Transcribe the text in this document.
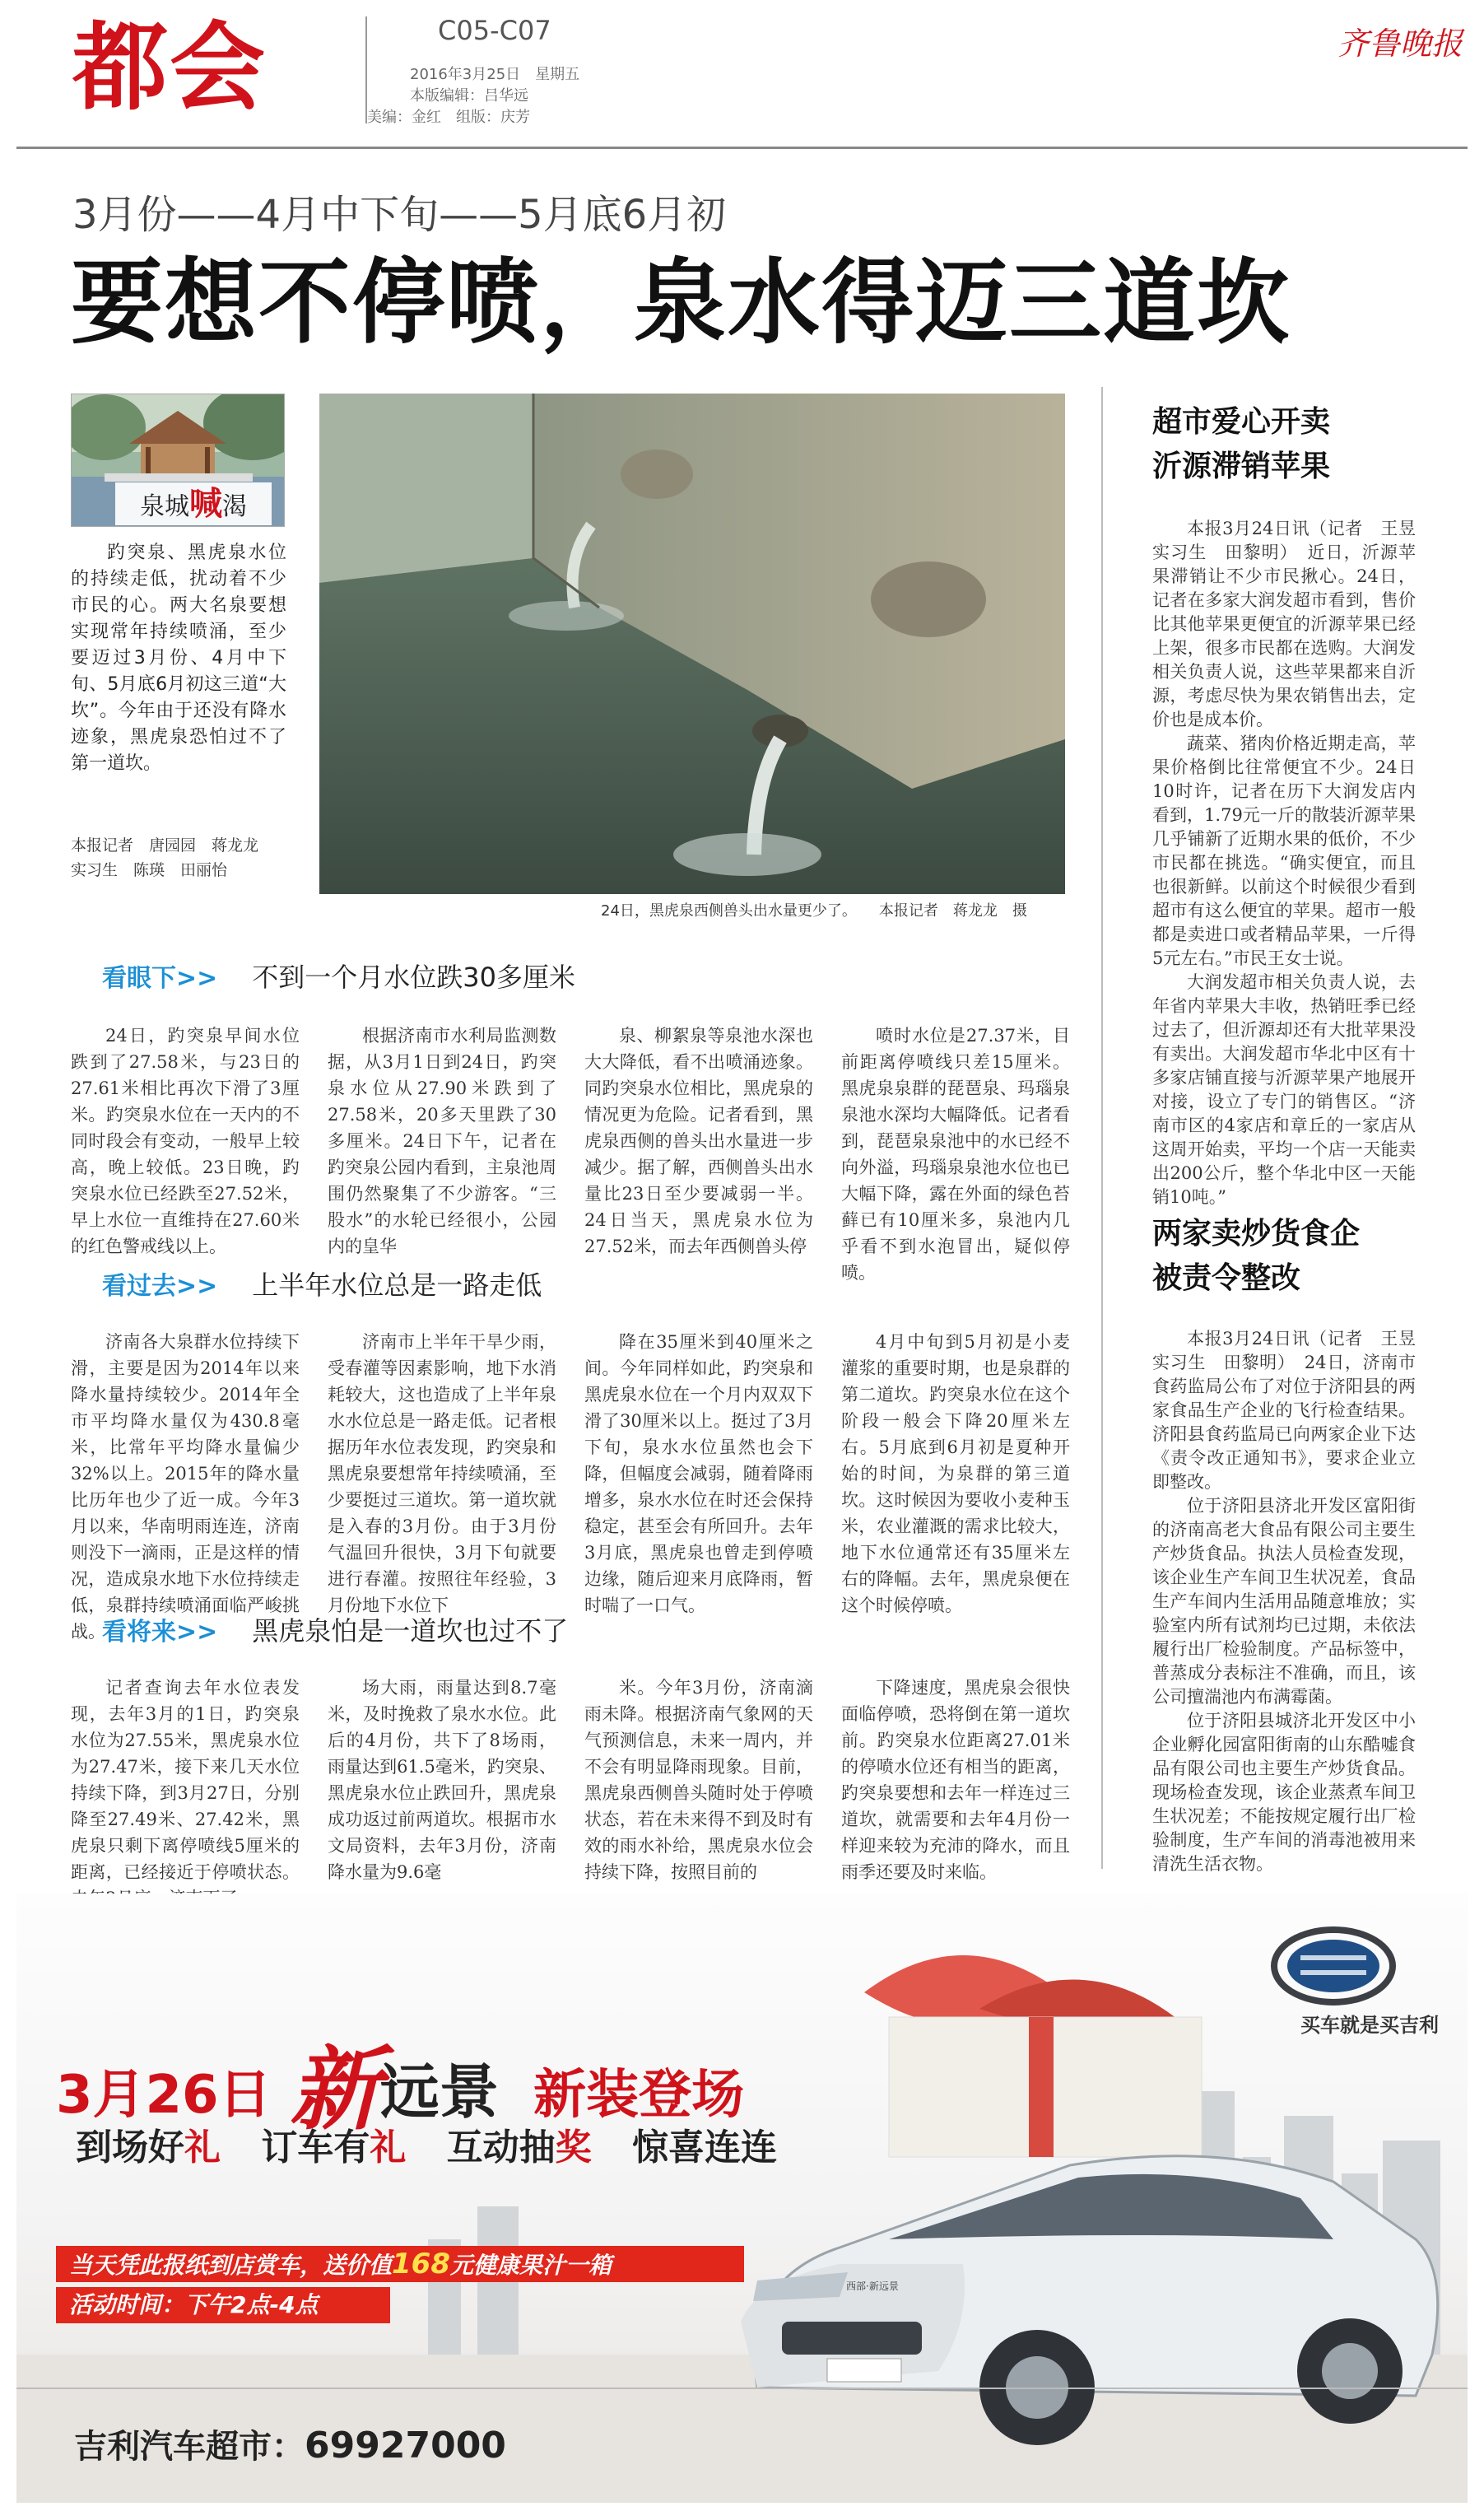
都会	C05-C07
2016年3月25日　星期五
本版编辑：吕华远
美编：金红　组版：庆芳
齐鲁晚报
3月份——4月中下旬——5月底6月初
要想不停喷，泉水得迈三道坎
泉城喊渴

趵突泉、黑虎泉水位的持续走低，扰动着不少市民的心。两大名泉要想实现常年持续喷涌，至少要迈过3月份、4月中下旬、5月底6月初这三道“大坎”。今年由于还没有降水迹象，黑虎泉恐怕过不了第一道坎。

本报记者　唐园园　蒋龙龙
实习生　陈瑛　田丽怡
24日，黑虎泉西侧兽头出水量更少了。　　本报记者　蒋龙龙　摄
看眼下>> 不到一个月水位跌30多厘米

24日，趵突泉早间水位跌到了27.58米，与23日的27.61米相比再次下滑了3厘米。趵突泉水位在一天内的不同时段会有变动，一般早上较高，晚上较低。23日晚，趵突泉水位已经跌至27.52米，早上水位一直维持在27.60米的红色警戒线以上。

根据济南市水利局监测数据，从3月1日到24日，趵突泉水位从27.90米跌到了27.58米，20多天里跌了30多厘米。24日下午，记者在趵突泉公园内看到，主泉池周围仍然聚集了不少游客。“三股水”的水轮已经很小，公园内的皇华

泉、柳絮泉等泉池水深也大大降低，看不出喷涌迹象。同趵突泉水位相比，黑虎泉的情况更为危险。记者看到，黑虎泉西侧的兽头出水量进一步减少。据了解，西侧兽头出水量比23日至少要减弱一半。24日当天，黑虎泉水位为27.52米，而去年西侧兽头停

喷时水位是27.37米，目前距离停喷线只差15厘米。黑虎泉泉群的琵琶泉、玛瑙泉泉池水深均大幅降低。记者看到，琵琶泉泉池中的水已经不向外溢，玛瑙泉泉池水位也已大幅下降，露在外面的绿色苔藓已有10厘米多，泉池内几乎看不到水泡冒出，疑似停喷。

看过去>> 上半年水位总是一路走低

济南各大泉群水位持续下滑，主要是因为2014年以来降水量持续较少。2014年全市平均降水量仅为430.8毫米，比常年平均降水量偏少32%以上。2015年的降水量比历年也少了近一成。今年3月以来，华南明雨连连，济南则没下一滴雨，正是这样的情况，造成泉水地下水位持续走低，泉群持续喷涌面临严峻挑战。

济南市上半年干旱少雨，受春灌等因素影响，地下水消耗较大，这也造成了上半年泉水水位总是一路走低。记者根据历年水位表发现，趵突泉和黑虎泉要想常年持续喷涌，至少要挺过三道坎。第一道坎就是入春的3月份。由于3月份气温回升很快，3月下旬就要进行春灌。按照往年经验，3月份地下水位下

降在35厘米到40厘米之间。今年同样如此，趵突泉和黑虎泉水位在一个月内双双下滑了30厘米以上。挺过了3月下旬，泉水水位虽然也会下降，但幅度会减弱，随着降雨增多，泉水水位在时还会保持稳定，甚至会有所回升。去年3月底，黑虎泉也曾走到停喷边缘，随后迎来月底降雨，暂时喘了一口气。

4月中旬到5月初是小麦灌浆的重要时期，也是泉群的第二道坎。趵突泉水位在这个阶段一般会下降20厘米左右。5月底到6月初是夏种开始的时间，为泉群的第三道坎。这时候因为要收小麦种玉米，农业灌溉的需求比较大，地下水位通常还有35厘米左右的降幅。去年，黑虎泉便在这个时候停喷。

看将来>> 黑虎泉怕是一道坎也过不了

记者查询去年水位表发现，去年3月的1日，趵突泉水位为27.55米，黑虎泉水位为27.47米，接下来几天水位持续下降，到3月27日，分别降至27.49米、27.42米，黑虎泉只剩下离停喷线5厘米的距离，已经接近于停喷状态。

场大雨，雨量达到8.7毫米，及时挽救了泉水水位。此后的4月份，共下了8场雨，雨量达到61.5毫米，趵突泉、黑虎泉水位止跌回升，黑虎泉成功返过前两道坎。根据市水文局资料，去年3月份，济南降水量为9.6毫

米。今年3月份，济南滴雨未降。根据济南气象网的天气预测信息，未来一周内，并不会有明显降雨现象。目前，黑虎泉西侧兽头随时处于停喷状态，若在未来得不到及时有效的雨水补给，黑虎泉水位会持续下降，按照目前的

下降速度，黑虎泉会很快面临停喷，恐将倒在第一道坎前。趵突泉水位距离27.01米的停喷水位还有相当的距离，趵突泉要想和去年一样连过三道坎，就需要和去年4月份一样迎来较为充沛的降水，而且雨季还要及时来临。

超市爱心开卖
沂源滞销苹果

本报3月24日讯（记者　王昱　实习生　田黎明）　近日，沂源苹果滞销让不少市民揪心。24日，记者在多家大润发超市看到，售价比其他苹果更便宜的沂源苹果已经上架，很多市民都在选购。大润发相关负责人说，这些苹果都来自沂源，考虑尽快为果农销售出去，定价也是成本价。

蔬菜、猪肉价格近期走高，苹果价格倒比往常便宜不少。24日10时许，记者在历下大润发店内看到，1.79元一斤的散装沂源苹果几乎铺新了近期水果的低价，不少市民都在挑选。“确实便宜，而且也很新鲜。以前这个时候很少看到超市有这么便宜的苹果。超市一般都是卖进口或者精品苹果，一斤得5元左右。”市民王女士说。

大润发超市相关负责人说，去年省内苹果大丰收，热销旺季已经过去了，但沂源却还有大批苹果没有卖出。大润发超市华北中区有十多家店铺直接与沂源苹果产地展开对接，设立了专门的销售区。“济南市区的4家店和章丘的一家店从这周开始卖，平均一个店一天能卖出200公斤，整个华北中区一天能销10吨。”

两家卖炒货食企
被责令整改

本报3月24日讯（记者　王昱　实习生　田黎明）　24日，济南市食药监局公布了对位于济阳县的两家食品生产企业的飞行检查结果。济阳县食药监局已向两家企业下达《责令改正通知书》，要求企业立即整改。

位于济阳县济北开发区富阳街的济南高老大食品有限公司主要生产炒货食品。执法人员检查发现，该企业生产车间卫生状况差，食品生产车间内生活用品随意堆放；实验室内所有试剂均已过期，未依法履行出厂检验制度。产品标签中，普蒸成分表标注不准确，而且，该公司擅湍池内布满霉菌。

位于济阳县城济北开发区中小企业孵化园富阳街南的山东酷嘘食品有限公司也主要生产炒货食品。现场检查发现，该企业蒸煮车间卫生状况差；不能按规定履行出厂检验制度，生产车间的消毒池被用来清洗生活衣物。

3月26日 新远景 新装登场
到场好礼 订车有礼 互动抽奖 惊喜连连
当天凭此报纸到店赏车，送价值168元健康果汁一箱
活动时间：下午2点-4点
买车就是买吉利
吉利汽车超市：69927000
西部·新远景
